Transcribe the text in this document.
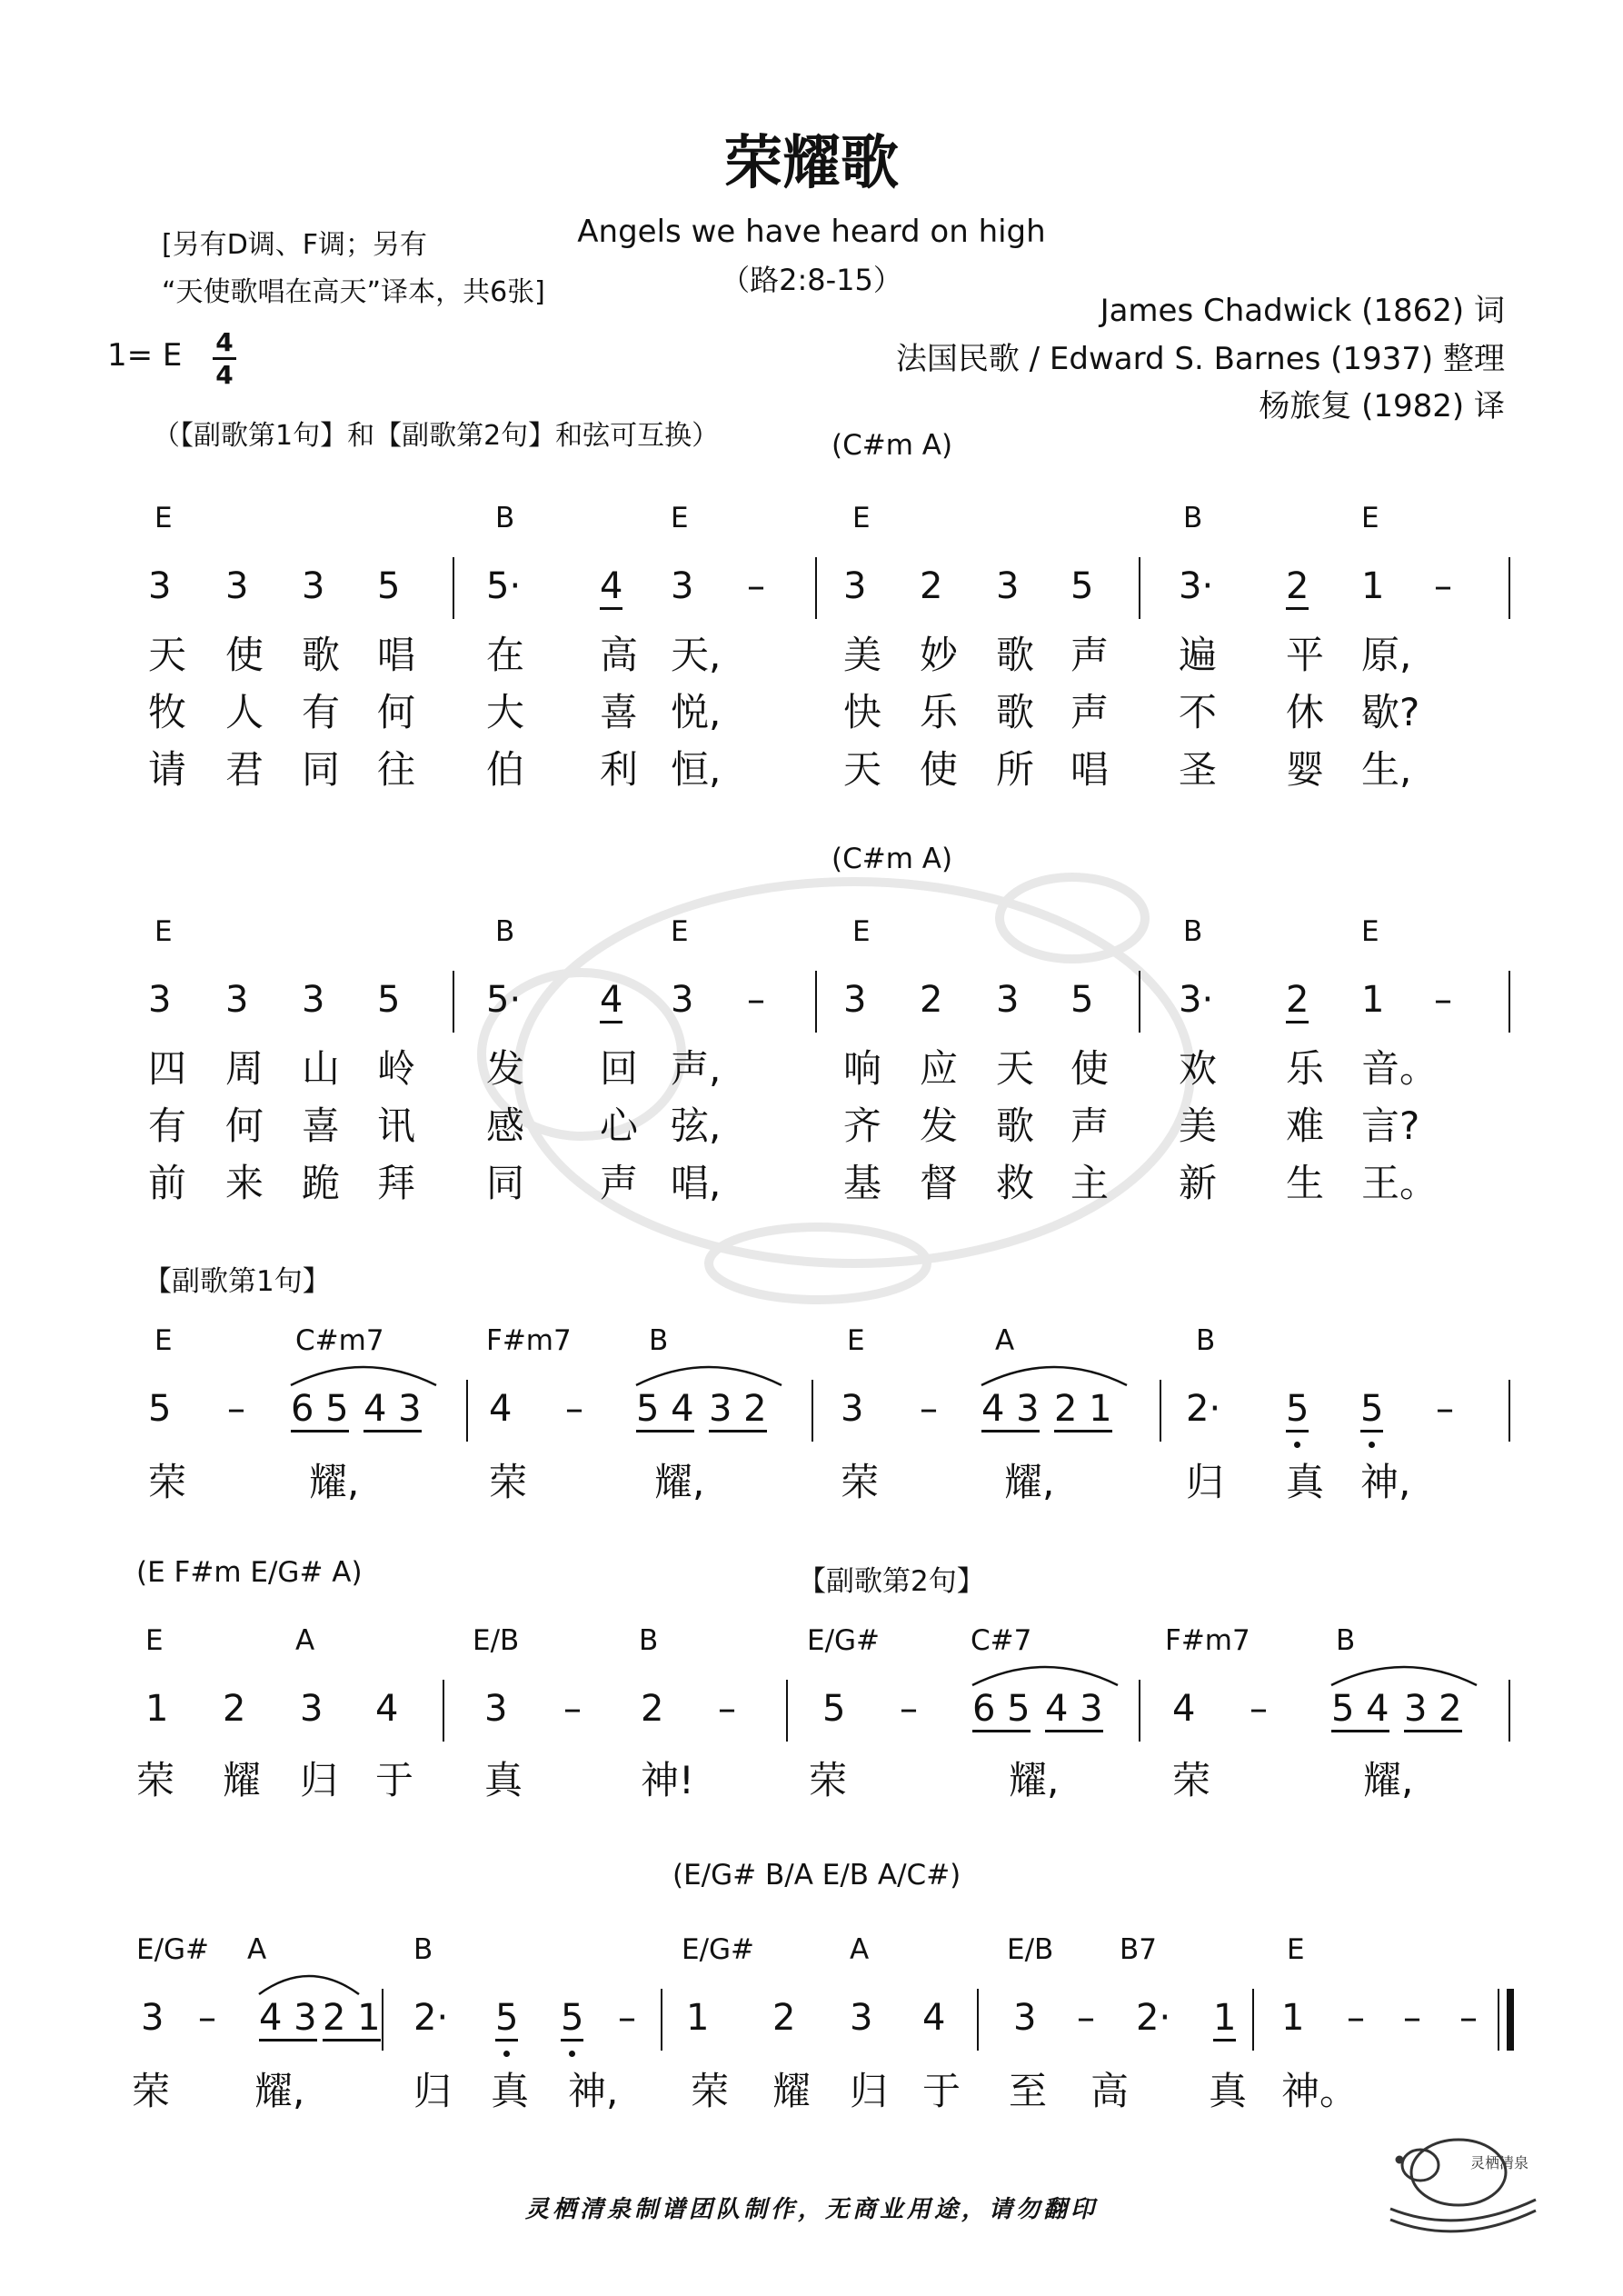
荣耀歌
Angels we have heard on high
（路2:8-15）
[另有D调、F调；另有
“天使歌唱在高天”译本，共6张]
James Chadwick (1862) 词
法国民歌 / Edward S. Barnes (1937) 整理
杨旅复 (1982) 译
1= E 4
4
（【副歌第1句】和【副歌第2句】和弦可互换）	(C#m A)
E	B	E	E	B	E
3 3 3 5 5· 4 3 – 3 2 3 5 3· 2 1 –
天 使 歌 唱 在 高 天,	美 妙 歌 声 遍 平 原,
牧 人 有 何 大 喜 悦,	快 乐 歌 声 不 休 歇?
请 君 同 往 伯 利 恒,	天 使 所 唱 圣 婴 生,
(C#m A)
E	B	E	E	B	E
3 3 3 5 5· 4 3 – 3 2 3 5 3· 2 1 –
四 周 山 岭 发 回 声,	响 应 天 使 欢 乐 音。
有 何 喜 讯 感 心 弦,	齐 发 歌 声 美 难 言?
前 来 跪 拜 同 声 唱,	基 督 救 主 新 生 王。
【副歌第1句】
E	C#m7	F#m7	B	E	A	B
5 – 6 5 4 3 4 – 5 4 3 2 3 – 4 3 2 1 2· 5 5 –
荣	耀,	荣	耀,	荣	耀,	归 真 神,
(E F#m E/G# A)	【副歌第2句】
E	A	E/B	B	E/G#	C#7	F#m7	B
1 2 3 4 3 – 2 – 5 – 6 5 4 3 4 – 5 4 3 2
荣 耀 归 于 真	神!	荣	耀,	荣	耀,
(E/G# B/A E/B A/C#)
E/G# A	B	E/G#	A	E/B B7	E
3 – 4 3 2 1 2· 5 5 – 1 2 3 4 3 – 2· 1 1 – – –
荣 耀,	归 真 神, 荣 耀 归 于 至 高 真 神。
灵栖清泉制谱团队制作，无商业用途，请勿翻印
灵栖清泉
